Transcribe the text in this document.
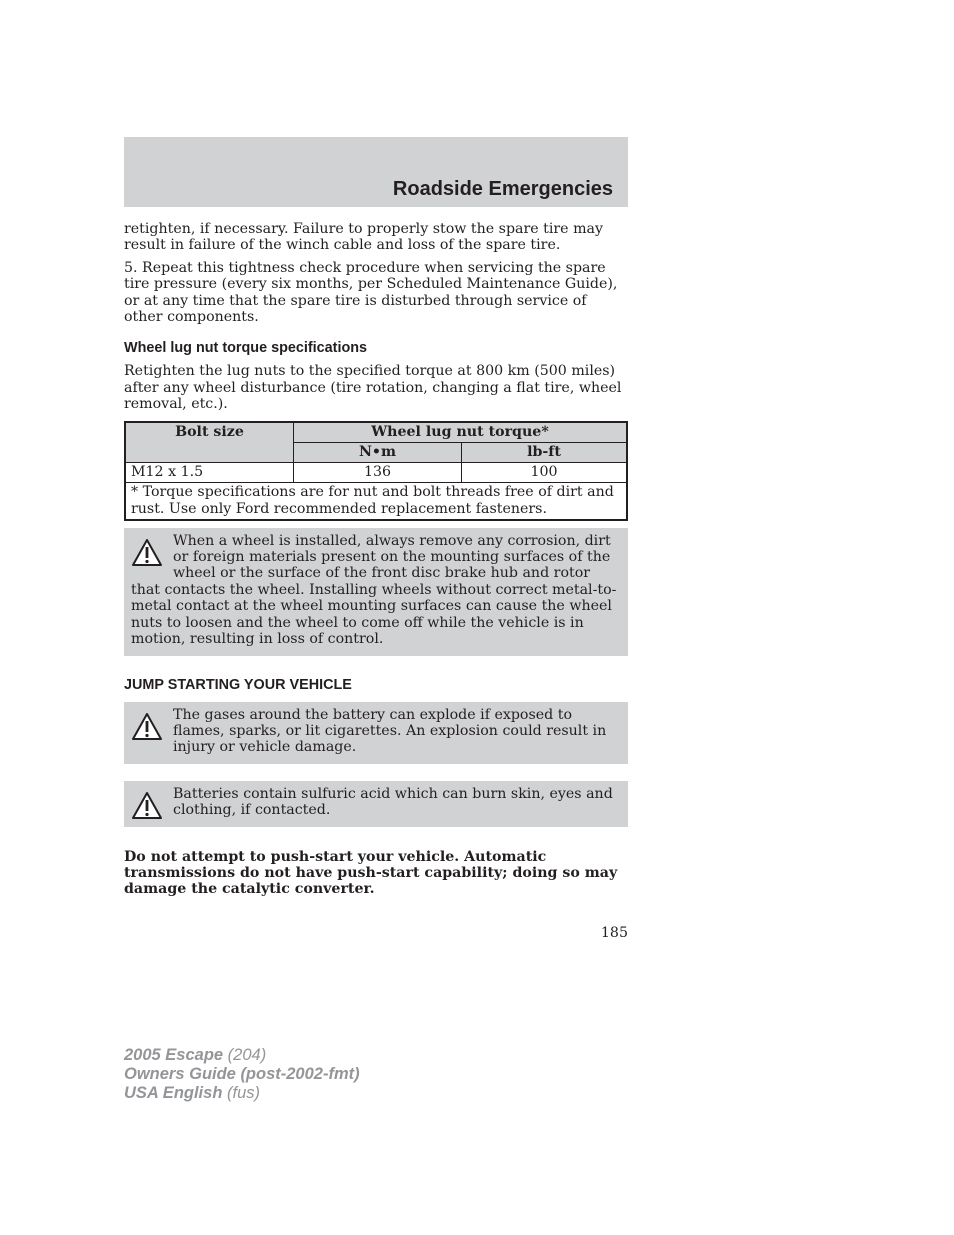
Roadside Emergencies

retighten, if necessary. Failure to properly stow the spare tire may result in failure of the winch cable and loss of the spare tire.

5. Repeat this tightness check procedure when servicing the spare tire pressure (every six months, per Scheduled Maintenance Guide), or at any time that the spare tire is disturbed through service of other components.

Wheel lug nut torque specifications

Retighten the lug nuts to the specified torque at 800 km (500 miles) after any wheel disturbance (tire rotation, changing a flat tire, wheel removal, etc.).

Bolt size	Wheel lug nut torque*	
	N•m	lb-ft
M12 x 1.5	136	100
* Torque specifications are for nut and bolt threads free of dirt and rust. Use only Ford recommended replacement fasteners.		
When a wheel is installed, always remove any corrosion, dirt or foreign materials present on the mounting surfaces of the wheel or the surface of the front disc brake hub and rotor that contacts the wheel. Installing wheels without correct metal-to-metal contact at the wheel mounting surfaces can cause the wheel nuts to loosen and the wheel to come off while the vehicle is in motion, resulting in loss of control.
JUMP STARTING YOUR VEHICLE
The gases around the battery can explode if exposed to flames, sparks, or lit cigarettes. An explosion could result in injury or vehicle damage.
Batteries contain sulfuric acid which can burn skin, eyes and clothing, if contacted.

Do not attempt to push-start your vehicle. Automatic transmissions do not have push-start capability; doing so may damage the catalytic converter.

185
2005 Escape (204)
Owners Guide (post-2002-fmt)
USA English (fus)
